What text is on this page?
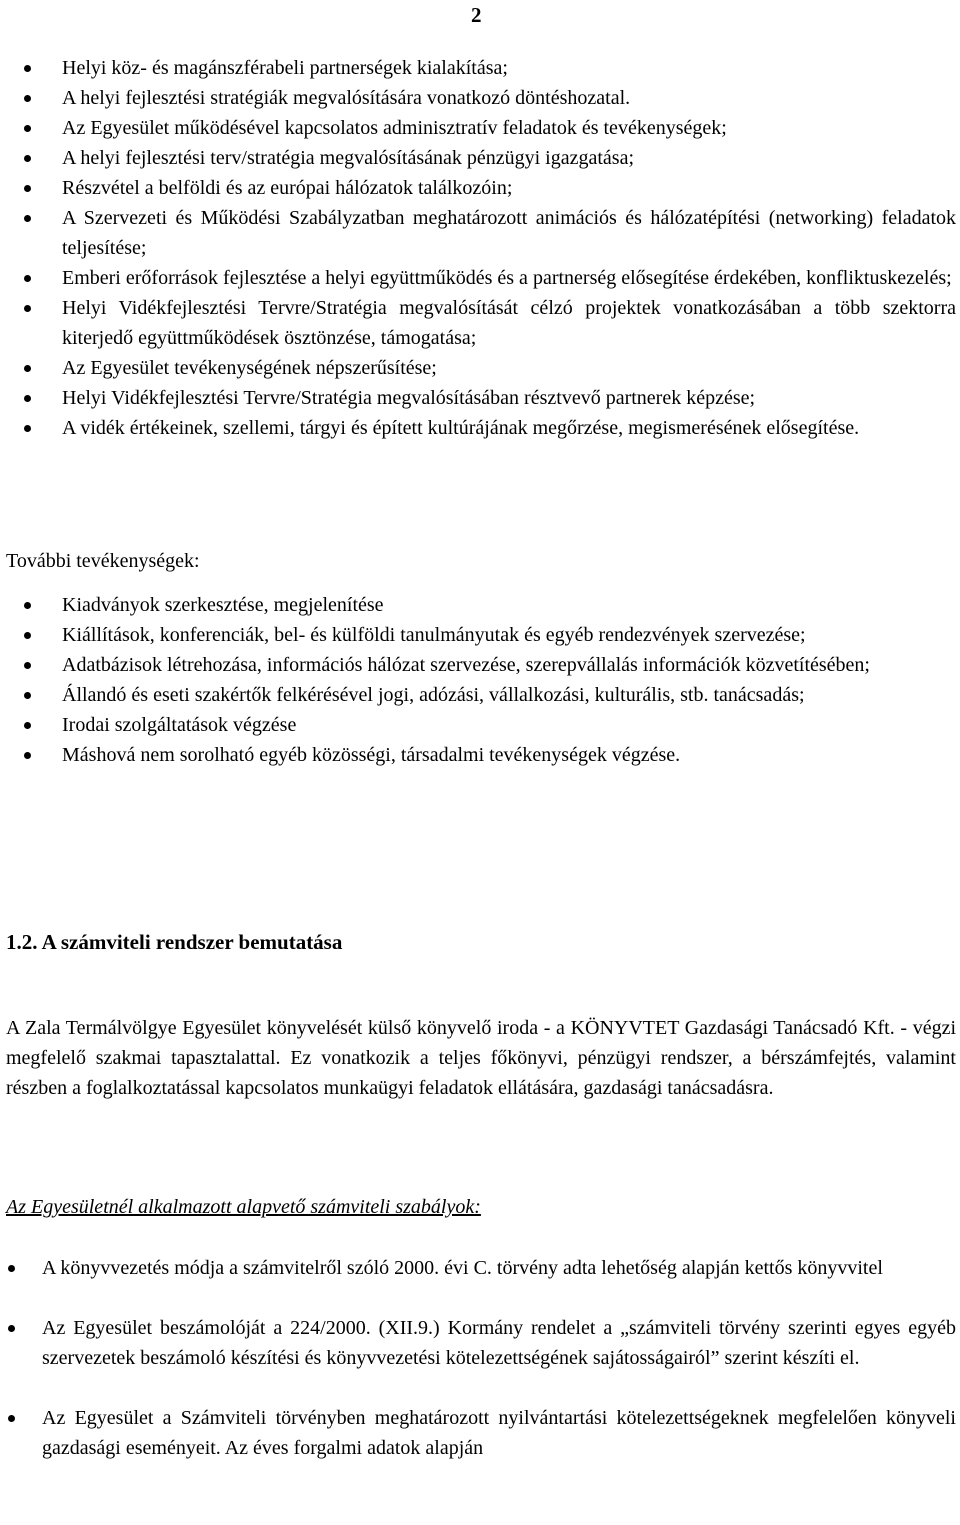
2
Helyi köz- és magánszférabeli partnerségek kialakítása;
A helyi fejlesztési stratégiák megvalósítására vonatkozó döntéshozatal.
Az Egyesület működésével kapcsolatos adminisztratív feladatok és tevékenységek;
A helyi fejlesztési terv/stratégia megvalósításának pénzügyi igazgatása;
Részvétel a belföldi és az európai hálózatok találkozóin;
A Szervezeti és Működési Szabályzatban meghatározott animációs és hálózatépítési (networking) feladatok teljesítése;
Emberi erőforrások fejlesztése a helyi együttműködés és a partnerség elősegítése érdekében, konfliktuskezelés;
Helyi Vidékfejlesztési Tervre/Stratégia megvalósítását célzó projektek vonatkozásában a több szektorra kiterjedő együttműködések ösztönzése, támogatása;
Az Egyesület tevékenységének népszerűsítése;
Helyi Vidékfejlesztési Tervre/Stratégia megvalósításában résztvevő partnerek képzése;
A vidék értékeinek, szellemi, tárgyi és épített kultúrájának megőrzése, megismerésének elősegítése.
További tevékenységek:
Kiadványok szerkesztése, megjelenítése
Kiállítások, konferenciák, bel- és külföldi tanulmányutak és egyéb rendezvények szervezése;
Adatbázisok létrehozása, információs hálózat szervezése, szerepvállalás információk közvetítésében;
Állandó és eseti szakértők felkérésével jogi, adózási, vállalkozási, kulturális, stb. tanácsadás;
Irodai szolgáltatások végzése
Máshová nem sorolható egyéb közösségi, társadalmi tevékenységek végzése.
1.2. A számviteli rendszer bemutatása
A Zala Termálvölgye Egyesület könyvelését külső könyvelő iroda - a KÖNYVTET Gazdasági Tanácsadó Kft. - végzi megfelelő szakmai tapasztalattal. Ez vonatkozik a teljes főkönyvi, pénzügyi rendszer, a bérszámfejtés, valamint részben a foglalkoztatással kapcsolatos munkaügyi feladatok ellátására, gazdasági tanácsadásra.
Az Egyesületnél alkalmazott alapvető számviteli szabályok:
A könyvvezetés módja a számvitelről szóló 2000. évi C. törvény adta lehetőség alapján kettős könyvvitel
Az Egyesület beszámolóját a 224/2000. (XII.9.) Kormány rendelet a „számviteli törvény szerinti egyes egyéb szervezetek beszámoló készítési és könyvvezetési kötelezettségének sajátosságairól” szerint készíti el.
Az Egyesület a Számviteli törvényben meghatározott nyilvántartási kötelezettségeknek megfelelően könyveli gazdasági eseményeit. Az éves forgalmi adatok alapján
